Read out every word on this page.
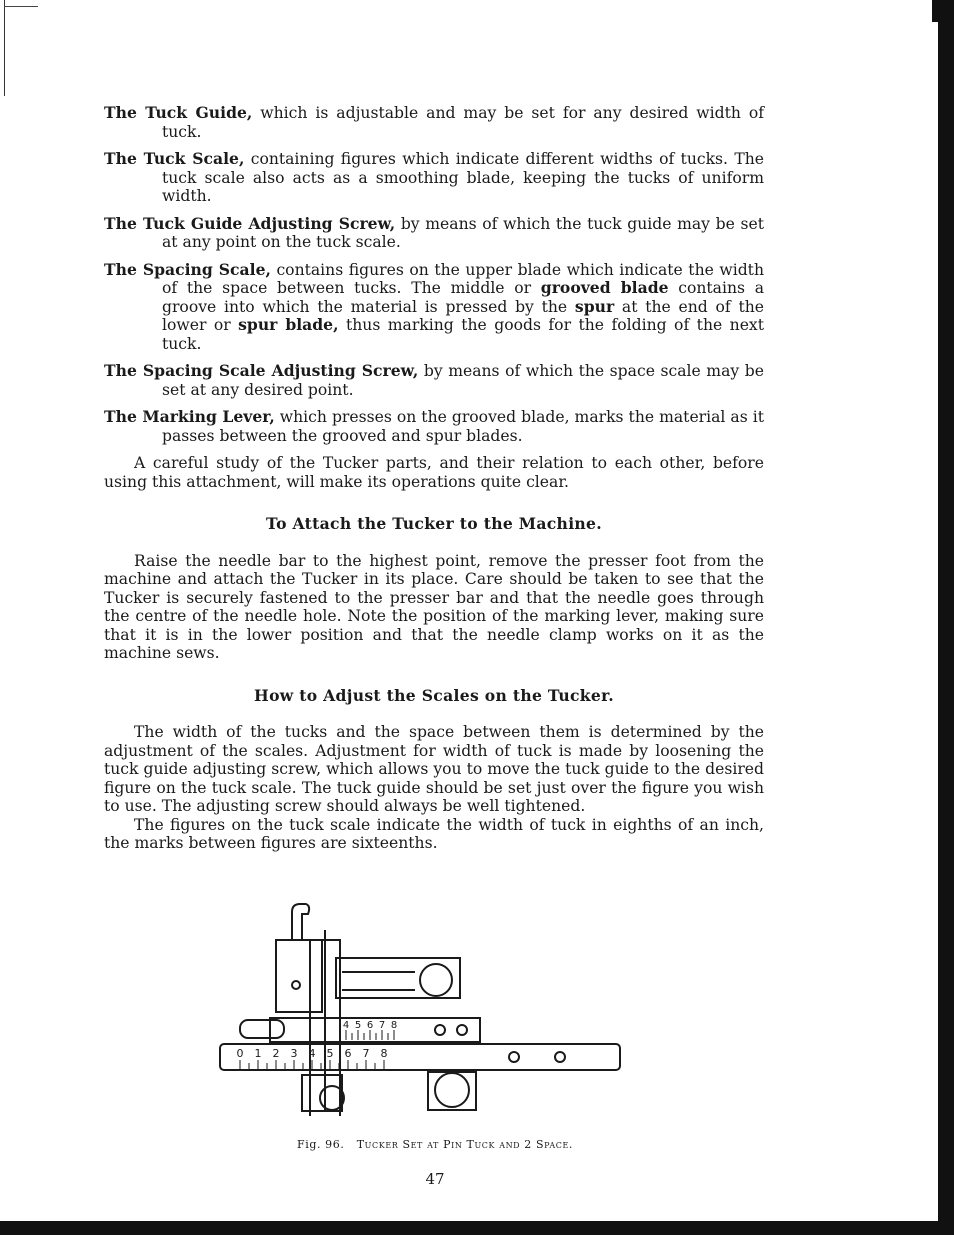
The Tuck Guide, which is adjustable and may be set for any desired width of tuck.

The Tuck Scale, containing figures which indicate different widths of tucks. The tuck scale also acts as a smoothing blade, keeping the tucks of uniform width.

The Tuck Guide Adjusting Screw, by means of which the tuck guide may be set at any point on the tuck scale.

The Spacing Scale, contains figures on the upper blade which indicate the width of the space between tucks. The middle or grooved blade contains a groove into which the material is pressed by the spur at the end of the lower or spur blade, thus marking the goods for the folding of the next tuck.

The Spacing Scale Adjusting Screw, by means of which the space scale may be set at any desired point.

The Marking Lever, which presses on the grooved blade, marks the material as it passes between the grooved and spur blades.

A careful study of the Tucker parts, and their relation to each other, before using this attachment, will make its operations quite clear.

To Attach the Tucker to the Machine.

Raise the needle bar to the highest point, remove the presser foot from the machine and attach the Tucker in its place. Care should be taken to see that the Tucker is securely fastened to the presser bar and that the needle goes through the centre of the needle hole. Note the position of the marking lever, making sure that it is in the lower position and that the needle clamp works on it as the machine sews.

How to Adjust the Scales on the Tucker.

The width of the tucks and the space between them is determined by the adjustment of the scales. Adjustment for width of tuck is made by loosening the tuck guide adjusting screw, which allows you to move the tuck guide to the desired figure on the tuck scale. The tuck guide should be set just over the figure you wish to use. The adjusting screw should always be well tightened.

The figures on the tuck scale indicate the width of tuck in eighths of an inch, the marks between figures are sixteenths.

4 5 6 7 8
0 1 2 3 4 5 6 7 8
Fig. 96. Tucker Set at Pin Tuck and 2 Space.
47
